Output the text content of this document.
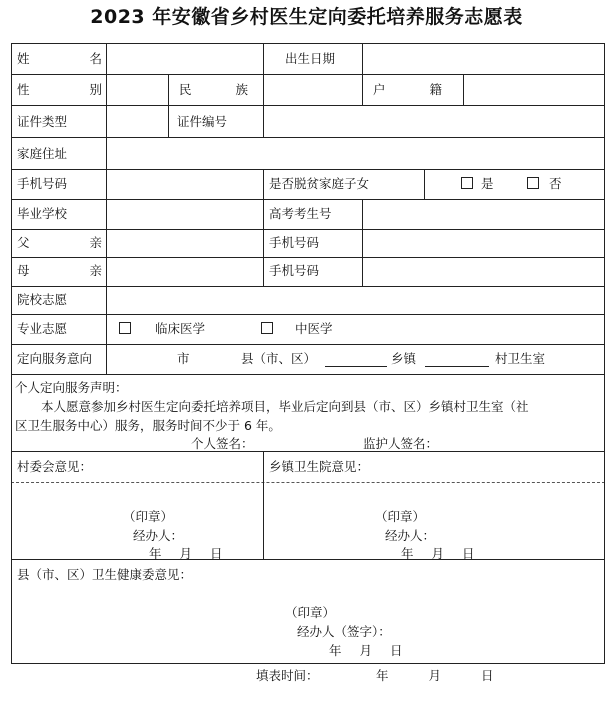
2023 年安徽省乡村医生定向委托培养服务志愿表
姓 名	出生日期
性 别	民 族	户 籍
证件类型	证件编号
家庭住址
手机号码	是否脱贫家庭子女	是	否
毕业学校	高考考生号
父 亲	手机号码
母 亲	手机号码
院校志愿
专业志愿	临床医学	中医学
定向服务意向	市	县（市、区）	乡镇	村卫生室
个人定向服务声明：
本人愿意参加乡村医生定向委托培养项目，毕业后定向到县（市、区）乡镇村卫生室（社
区卫生服务中心）服务，服务时间不少于 6 年。
个人签名：	监护人签名：
村委会意见：
（印章）
经办人：
年 月 日
乡镇卫生院意见：
（印章）
经办人：
年 月 日
县（市、区）卫生健康委意见：
（印章）
经办人（签字）：
年 月 日
填表时间：	年 月 日
